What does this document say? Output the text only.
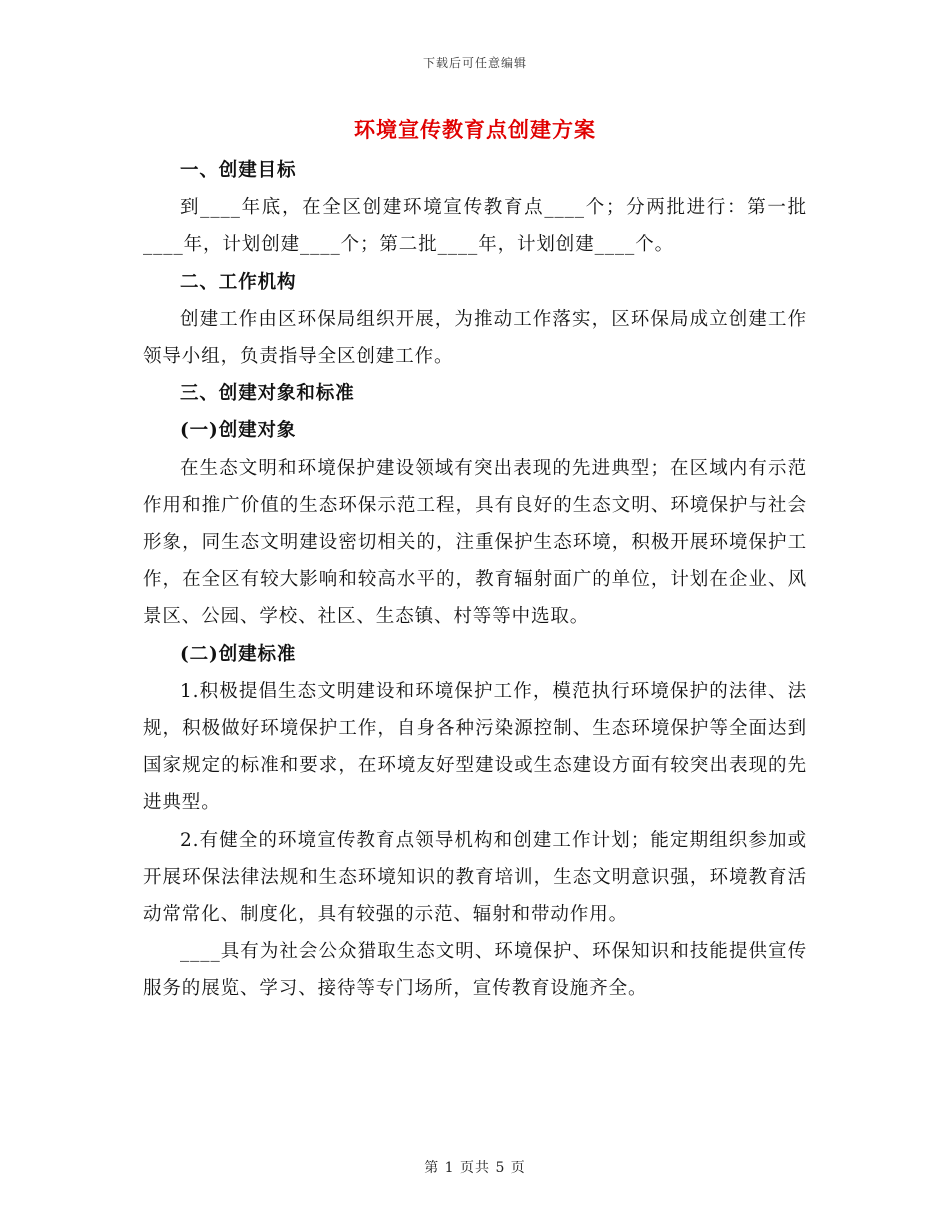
下载后可任意编辑
环境宣传教育点创建方案

一、创建目标

到____年底，在全区创建环境宣传教育点____个；分两批进行：第一批____年，计划创建____个；第二批____年，计划创建____个。

二、工作机构

创建工作由区环保局组织开展，为推动工作落实，区环保局成立创建工作领导小组，负责指导全区创建工作。

三、创建对象和标准

(一)创建对象

在生态文明和环境保护建设领域有突出表现的先进典型；在区域内有示范作用和推广价值的生态环保示范工程，具有良好的生态文明、环境保护与社会形象，同生态文明建设密切相关的，注重保护生态环境，积极开展环境保护工作，在全区有较大影响和较高水平的，教育辐射面广的单位，计划在企业、风景区、公园、学校、社区、生态镇、村等等中选取。

(二)创建标准

1.积极提倡生态文明建设和环境保护工作，模范执行环境保护的法律、法规，积极做好环境保护工作，自身各种污染源控制、生态环境保护等全面达到国家规定的标准和要求，在环境友好型建设或生态建设方面有较突出表现的先进典型。

2.有健全的环境宣传教育点领导机构和创建工作计划；能定期组织参加或开展环保法律法规和生态环境知识的教育培训，生态文明意识强，环境教育活动常常化、制度化，具有较强的示范、辐射和带动作用。

____具有为社会公众猎取生态文明、环境保护、环保知识和技能提供宣传服务的展览、学习、接待等专门场所，宣传教育设施齐全。

第 1 页共 5 页
